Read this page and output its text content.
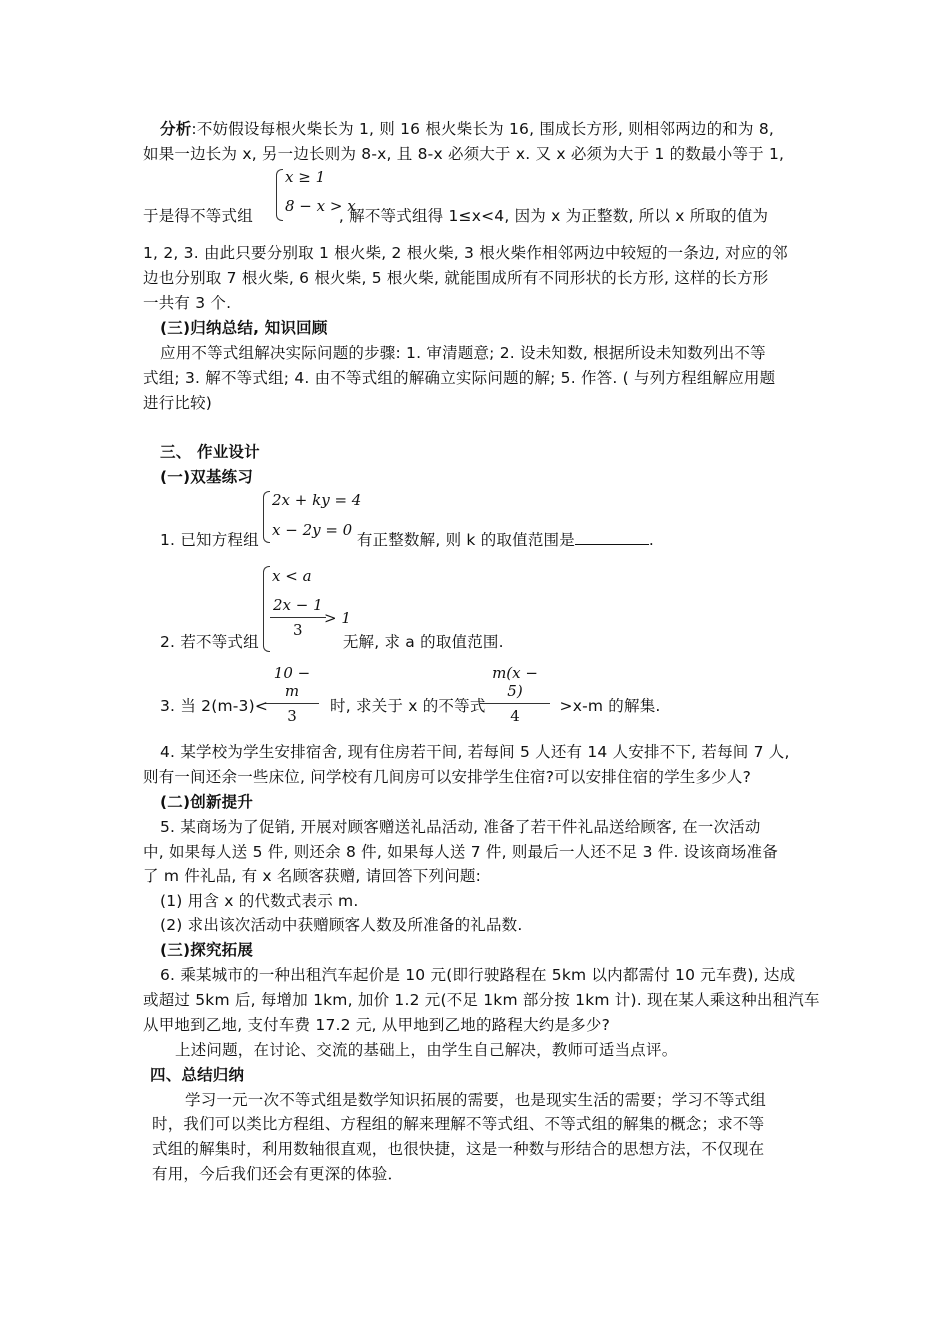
分析:不妨假设每根火柴长为 1, 则 16 根火柴长为 16, 围成长方形, 则相邻两边的和为 8,
如果一边长为 x, 另一边长则为 8-x, 且 8-x 必须大于 x. 又 x 必须为大于 1 的数最小等于 1,
x ≥ 1
8 − x > x
于是得不等式组	, 解不等式组得 1≤x<4, 因为 x 为正整数, 所以 x 所取的值为
1, 2, 3. 由此只要分别取 1 根火柴, 2 根火柴, 3 根火柴作相邻两边中较短的一条边, 对应的邻
边也分别取 7 根火柴, 6 根火柴, 5 根火柴, 就能围成所有不同形状的长方形, 这样的长方形
一共有 3 个.
(三)归纳总结, 知识回顾
应用不等式组解决实际问题的步骤: 1. 审清题意; 2. 设未知数, 根据所设未知数列出不等
式组; 3. 解不等式组; 4. 由不等式组的解确立实际问题的解; 5. 作答. ( 与列方程组解应用题
进行比较)
三、 作业设计
(一)双基练习
2x + ky = 4
x − 2y = 0
1. 已知方程组	有正整数解, 则 k 的取值范围是	.
x < a
$\frac{2x - 1}{3}$
> 1
2. 若不等式组	无解, 求 a 的取值范围.
$\frac{10 - m}{3}$	$\frac{m(x - 5)}{4}$
3. 当 2(m-3)<	时, 求关于 x 的不等式	>x-m 的解集.
4. 某学校为学生安排宿舍, 现有住房若干间, 若每间 5 人还有 14 人安排不下, 若每间 7 人,
则有一间还余一些床位, 问学校有几间房可以安排学生住宿?可以安排住宿的学生多少人?
(二)创新提升
5. 某商场为了促销, 开展对顾客赠送礼品活动, 准备了若干件礼品送给顾客, 在一次活动
中, 如果每人送 5 件, 则还余 8 件, 如果每人送 7 件, 则最后一人还不足 3 件. 设该商场准备
了 m 件礼品, 有 x 名顾客获赠, 请回答下列问题:
(1) 用含 x 的代数式表示 m.
(2) 求出该次活动中获赠顾客人数及所准备的礼品数.
(三)探究拓展
6. 乘某城市的一种出租汽车起价是 10 元(即行驶路程在 5km 以内都需付 10 元车费), 达成
或超过 5km 后, 每增加 1km, 加价 1.2 元(不足 1km 部分按 1km 计). 现在某人乘这种出租汽车
从甲地到乙地, 支付车费 17.2 元, 从甲地到乙地的路程大约是多少?
上述问题，在讨论、交流的基础上，由学生自己解决，教师可适当点评。
四、总结归纳
学习一元一次不等式组是数学知识拓展的需要，也是现实生活的需要；学习不等式组
时，我们可以类比方程组、方程组的解来理解不等式组、不等式组的解集的概念；求不等
式组的解集时，利用数轴很直观，也很快捷，这是一种数与形结合的思想方法，不仅现在
有用，今后我们还会有更深的体验．
